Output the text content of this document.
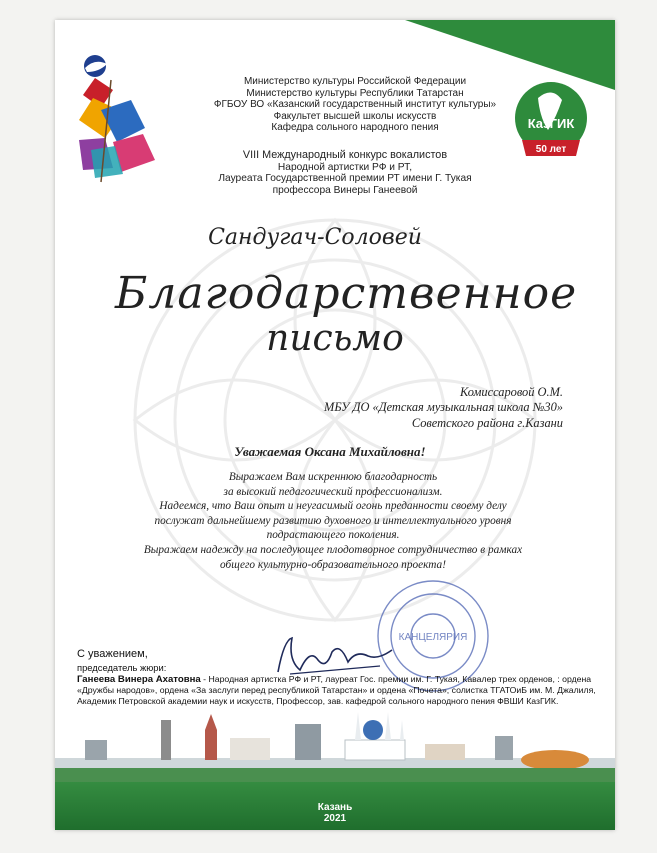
КазГИК
50 лет
Министерство культуры Российской Федерации
Министерство культуры Республики Татарстан
ФГБОУ ВО «Казанский государственный институт культуры»
Факультет высшей школы искусств
Кафедра сольного народного пения
VIII Международный конкурс вокалистов
Народной артистки РФ и РТ,
Лауреата Государственной премии РТ имени Г. Тукая
профессора Винеры Ганеевой
Сандугач-Соловей
Благодарственное
письмо
Комиссаровой О.М.
МБУ ДО «Детская музыкальная школа №30»
Советского района г.Казани
Уважаемая Оксана Михайловна!
Выражаем Вам искреннюю благодарность
за высокий педагогический профессионализм.
Надеемся, что Ваш опыт и неугасимый огонь преданности своему делу
послужат дальнейшему развитию духовного и интеллектуального уровня
подрастающего поколения.
Выражаем надежду на последующее плодотворное сотрудничество в рамках
общего культурно-образовательного проекта!
КАНЦЕЛЯРИЯ
С уважением,
председатель жюри:
Ганеева Винера Ахатовна - Народная артистка РФ и РТ, лауреат Гос. премии им. Г. Тукая, Кавалер трех орденов, : ордена «Дружбы народов», ордена «За заслуги перед республикой Татарстан» и ордена «Почета», солистка ТГАТОиБ им. М. Джалиля, Академик Петровской академии наук и искусств, Профессор, зав. кафедрой сольного народного пения ФВШИ КазГИК.
Казань
2021
